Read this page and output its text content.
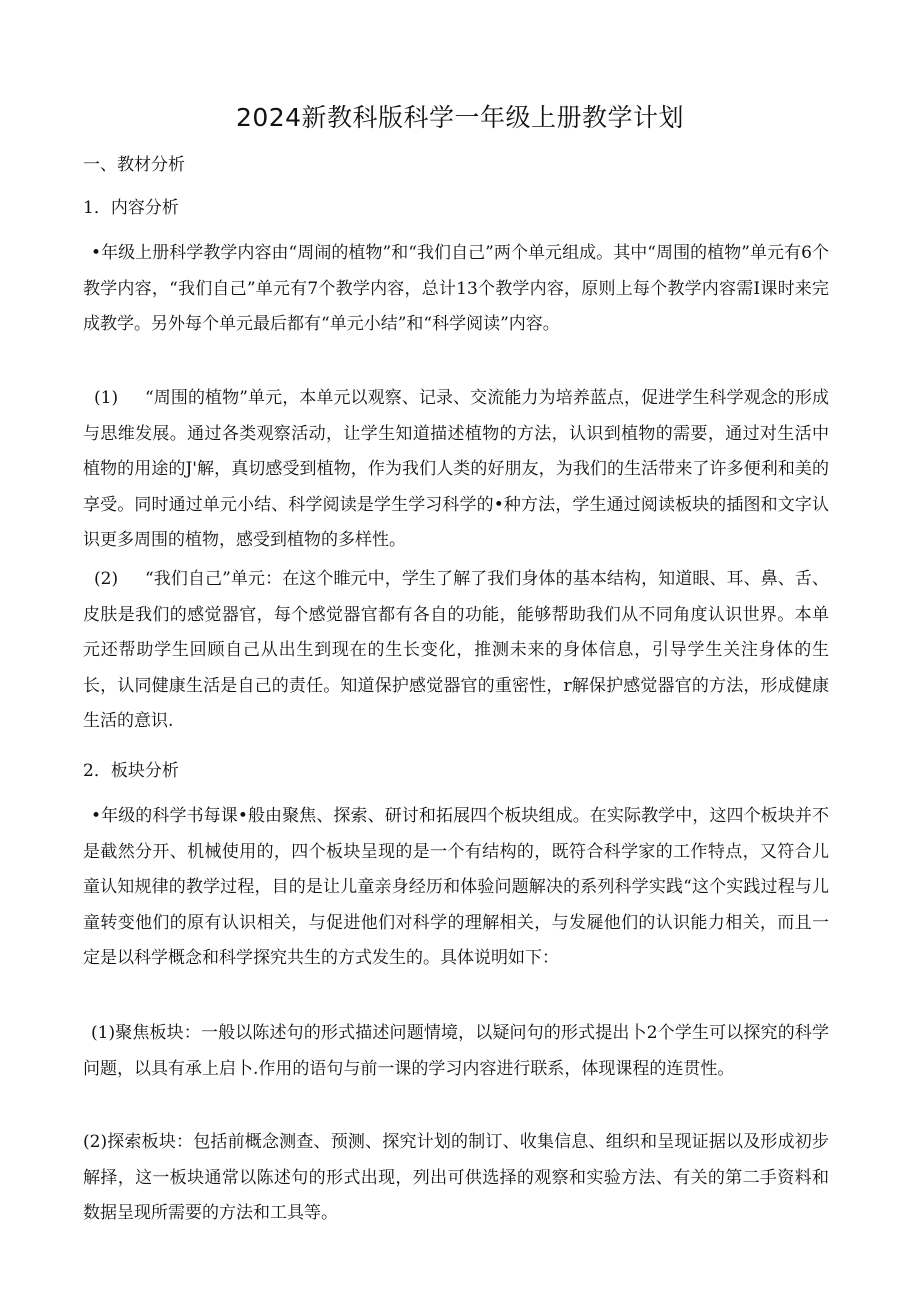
2024新教科版科学一年级上册教学计划
一、教材分析
1．内容分析

•年级上册科学教学内容由“周闹的植物”和“我们自己”两个单元组成。其中“周围的植物”单元有6个教学内容，“我们自己”单元有7个教学内容，总计13个教学内容，原则上每个教学内容需I课时来完成教学。另外每个单元最后都有“单元小结”和“科学阅读”内容。

(1) “周围的植物”单元，本单元以观察、记录、交流能力为培养蓝点，促进学生科学观念的形成与思维发展。通过各类观察活动，让学生知道描述植物的方法，认识到植物的需要，通过对生活中植物的用途的J'解，真切感受到植物，作为我们人类的好朋友，为我们的生活带来了许多便利和美的享受。同时通过单元小结、科学阅读是学生学习科学的•种方法，学生通过阅读板块的插图和文字认识更多周围的植物，感受到植物的多样性。

(2) “我们自己”单元：在这个睢元中，学生了解了我们身体的基本结构，知道眼、耳、鼻、舌、皮肤是我们的感觉器官，每个感觉器官都有各自的功能，能够帮助我们从不同角度认识世界。本单元还帮助学生回顾自己从出生到现在的生长变化，推测未来的身体信息，引导学生关注身体的生长，认同健康生活是自己的责任。知道保护感觉器官的重密性，r解保护感觉器官的方法，形成健康生活的意识.

2．板块分析

•年级的科学书每课•般由聚焦、探索、研讨和拓展四个板块组成。在实际教学中，这四个板块并不是截然分开、机械使用的，四个板块呈现的是一个有结构的，既符合科学家的工作特点，又符合儿童认知规律的教学过程，目的是让儿童亲身经历和体验问题解决的系列科学实践“这个实践过程与儿童转变他们的原有认识相关，与促进他们对科学的理解相关，与发屣他们的认识能力相关，而且一定是以科学概念和科学探究共生的方式发生的。具体说明如下：

(1)聚焦板块：一般以陈述句的形式描述问题情境，以疑问句的形式提出卜2个学生可以探究的科学问题，以具有承上启卜.作用的语句与前一课的学习内容进行联系，体现课程的连贯性。

(2)探索板块：包括前概念测查、预测、探究计划的制订、收集信息、组织和呈现证据以及形成初步解择，这一板块通常以陈述句的形式出现，列出可供选择的观察和实验方法、有关的第二手资料和数据呈现所需要的方法和工具等。
